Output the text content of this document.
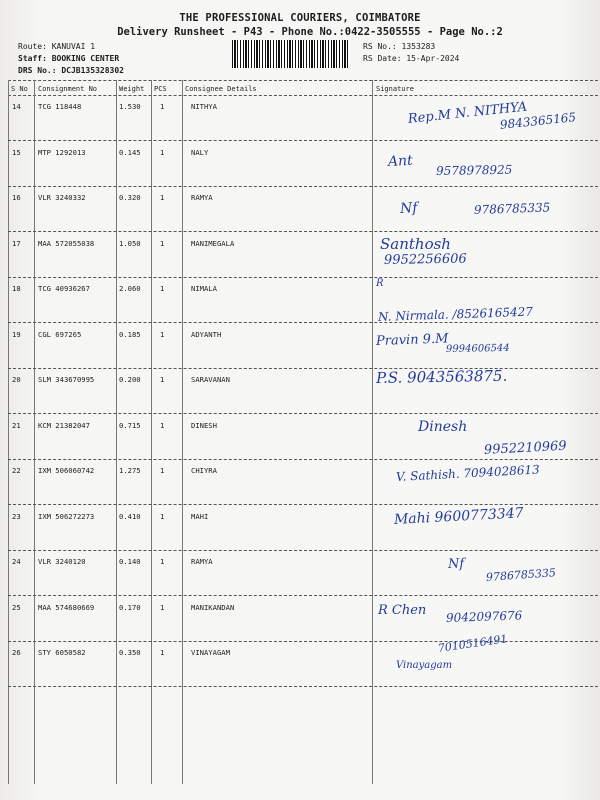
THE PROFESSIONAL COURIERS, COIMBATORE
Delivery Runsheet - P43 - Phone No.:0422-3505555 - Page No.:2
Route: KANUVAI 1
Staff: BOOKING CENTER
DRS No.: DCJB135328302
RS No.: 1353283
RS Date: 15-Apr-2024
S No Consignment No	Weight PCS	Consignee Details	Signature
14 TCG 118448	1.530	1	NITHYA	Rep.M N. NITHYA
9843365165
15 MTP 1292013	0.145	1	NALY
Ant
9578978925
16 VLR 3240332	0.320	1	RAMYA
Nf	9786785335
17 MAA 572055038	1.050	1	MANIMEGALA	Santhosh
9952256606
18 TCG 40936267	2.060	1	NIMALA	R
N. Nirmala. /8526165427
19 CGL 697265	0.185	1	ADYANTH	Pravin 9.M
9994606544
20 SLM 343670995	0.200	1	SARAVANAN	P.S. 9043563875.
21 KCM 21382047	0.715	1	DINESH	Dinesh
9952210969
22 IXM 506060742	1.275	1	CHIYRA	V. Sathish. 7094028613
23 IXM 506272273	0.410	1	MAHI	Mahi 9600773347
24 VLR 3240120	0.140	1	RAMYA	Nf
9786785335
25 MAA 574680669	0.170	1	MANIKANDAN	R Chen 9042097676
26 STY 6050582	0.350	1	VINAYAGAM	7010516491
Vinayagam
